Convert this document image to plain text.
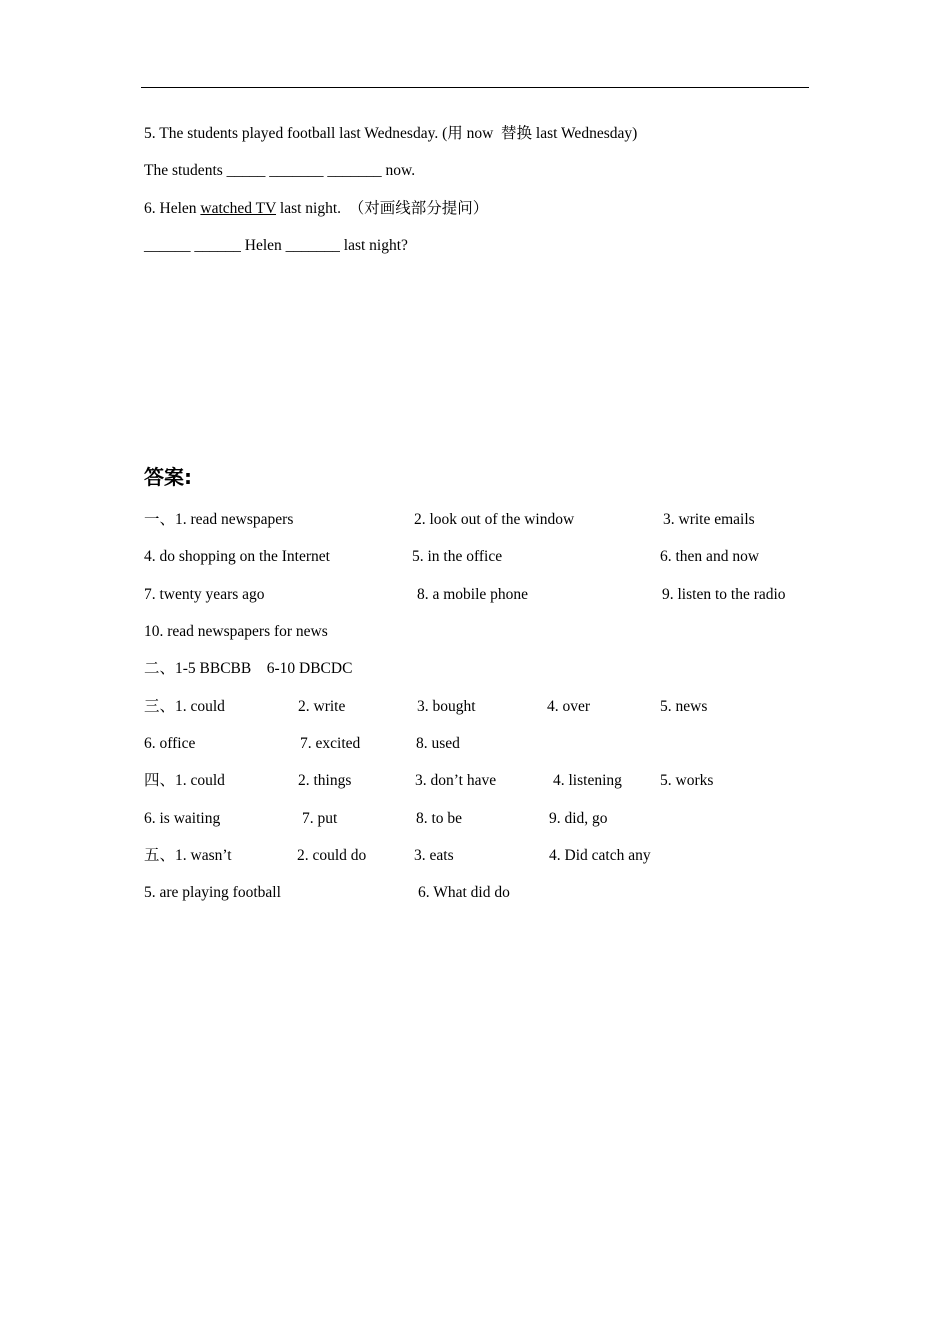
5. The students played football last Wednesday. (用 now  替换 last Wednesday)
The students _____ _______ _______ now.
6. Helen watched TV last night.  （对画线部分提问）
______ ______ Helen _______ last night?
答案:
一、1. read newspapers	2. look out of the window	3. write emails
4. do shopping on the Internet	5. in the office	6. then and now
7. twenty years ago	8. a mobile phone	9. listen to the radio
10. read newspapers for news
二、1-5 BBCBB    6-10 DBCDC
三、1. could	2. write	3. bought	4. over	5. news
6. office	7. excited	8. used
四、1. could	2. things	3. don’t have	4. listening 5. works
6. is waiting	7. put	8. to be	9. did, go
五、1. wasn’t	2. could do	3. eats	4. Did catch any
5. are playing football	6. What did do
